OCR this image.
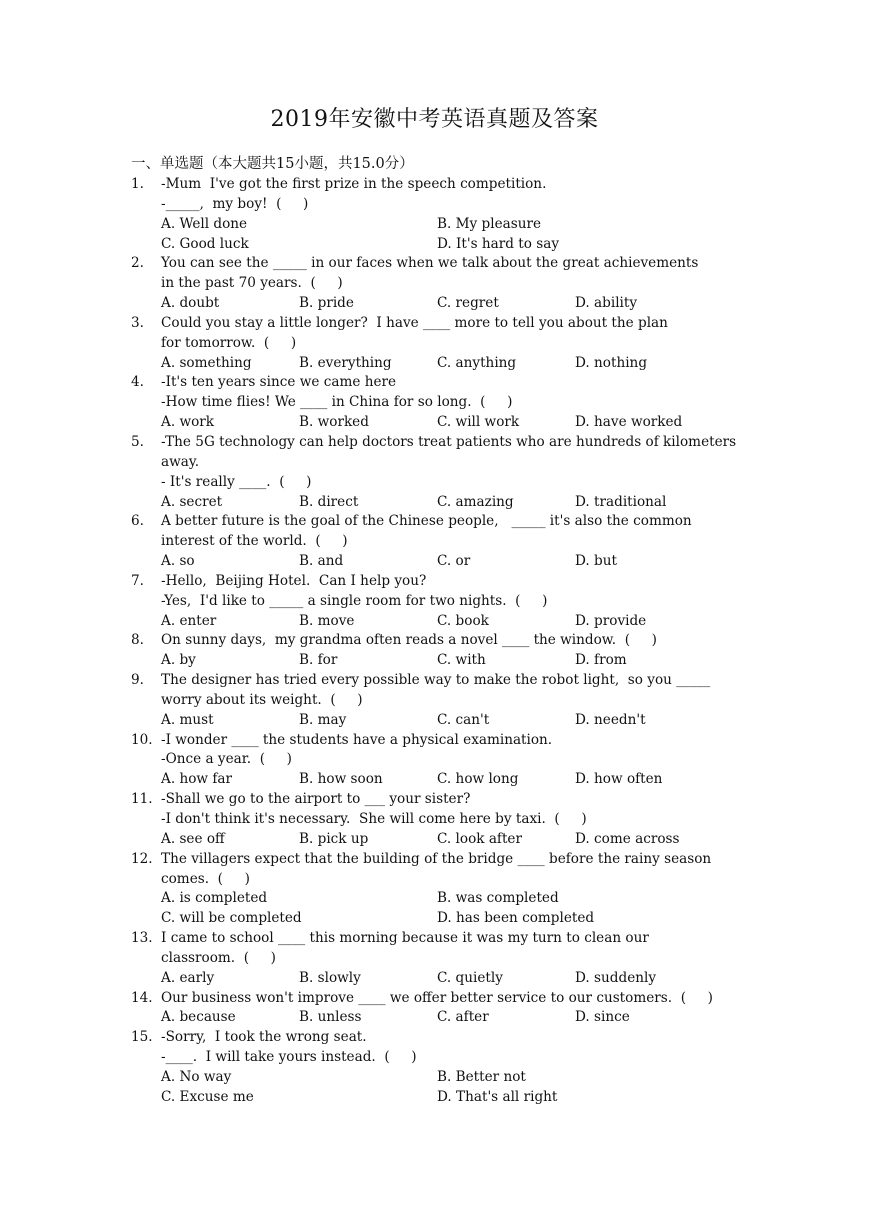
2019年安徽中考英语真题及答案
一、单选题（本大题共15小题，共15.0分）
1.	-Mum  I've got the first prize in the speech competition.
-_____,  my boy!  (     )
A. Well done	B. My pleasure
C. Good luck	D. It's hard to say
2.	You can see the _____ in our faces when we talk about the great achievements
in the past 70 years.  (     )
A. doubt	B. pride	C. regret	D. ability
3.	Could you stay a little longer?  I have ____ more to tell you about the plan
for tomorrow.  (     )
A. something	B. everything	C. anything	D. nothing
4.	-It's ten years since we came here
-How time flies! We ____ in China for so long.  (     )
A. work	B. worked	C. will work	D. have worked
5.	-The 5G technology can help doctors treat patients who are hundreds of kilometers
away.
- It's really ____.  (     )
A. secret	B. direct	C. amazing	D. traditional
6.	A better future is the goal of the Chinese people,   _____ it's also the common
interest of the world.  (     )
A. so	B. and	C. or	D. but
7.	-Hello,  Beijing Hotel.  Can I help you?
-Yes,  I'd like to _____ a single room for two nights.  (     )
A. enter	B. move	C. book	D. provide
8.	On sunny days,  my grandma often reads a novel ____ the window.  (     )
A. by	B. for	C. with	D. from
9.	The designer has tried every possible way to make the robot light,  so you _____
worry about its weight.  (     )
A. must	B. may	C. can't	D. needn't
10. -I wonder ____ the students have a physical examination.
-Once a year.  (     )
A. how far	B. how soon	C. how long	D. how often
11. -Shall we go to the airport to ___ your sister?
-I don't think it's necessary.  She will come here by taxi.  (     )
A. see off	B. pick up	C. look after	D. come across
12. The villagers expect that the building of the bridge ____ before the rainy season
comes.  (     )
A. is completed	B. was completed
C. will be completed	D. has been completed
13. I came to school ____ this morning because it was my turn to clean our
classroom.  (     )
A. early	B. slowly	C. quietly	D. suddenly
14. Our business won't improve ____ we offer better service to our customers.  (     )
A. because	B. unless	C. after	D. since
15. -Sorry,  I took the wrong seat.
-____.  I will take yours instead.  (     )
A. No way	B. Better not
C. Excuse me	D. That's all right
